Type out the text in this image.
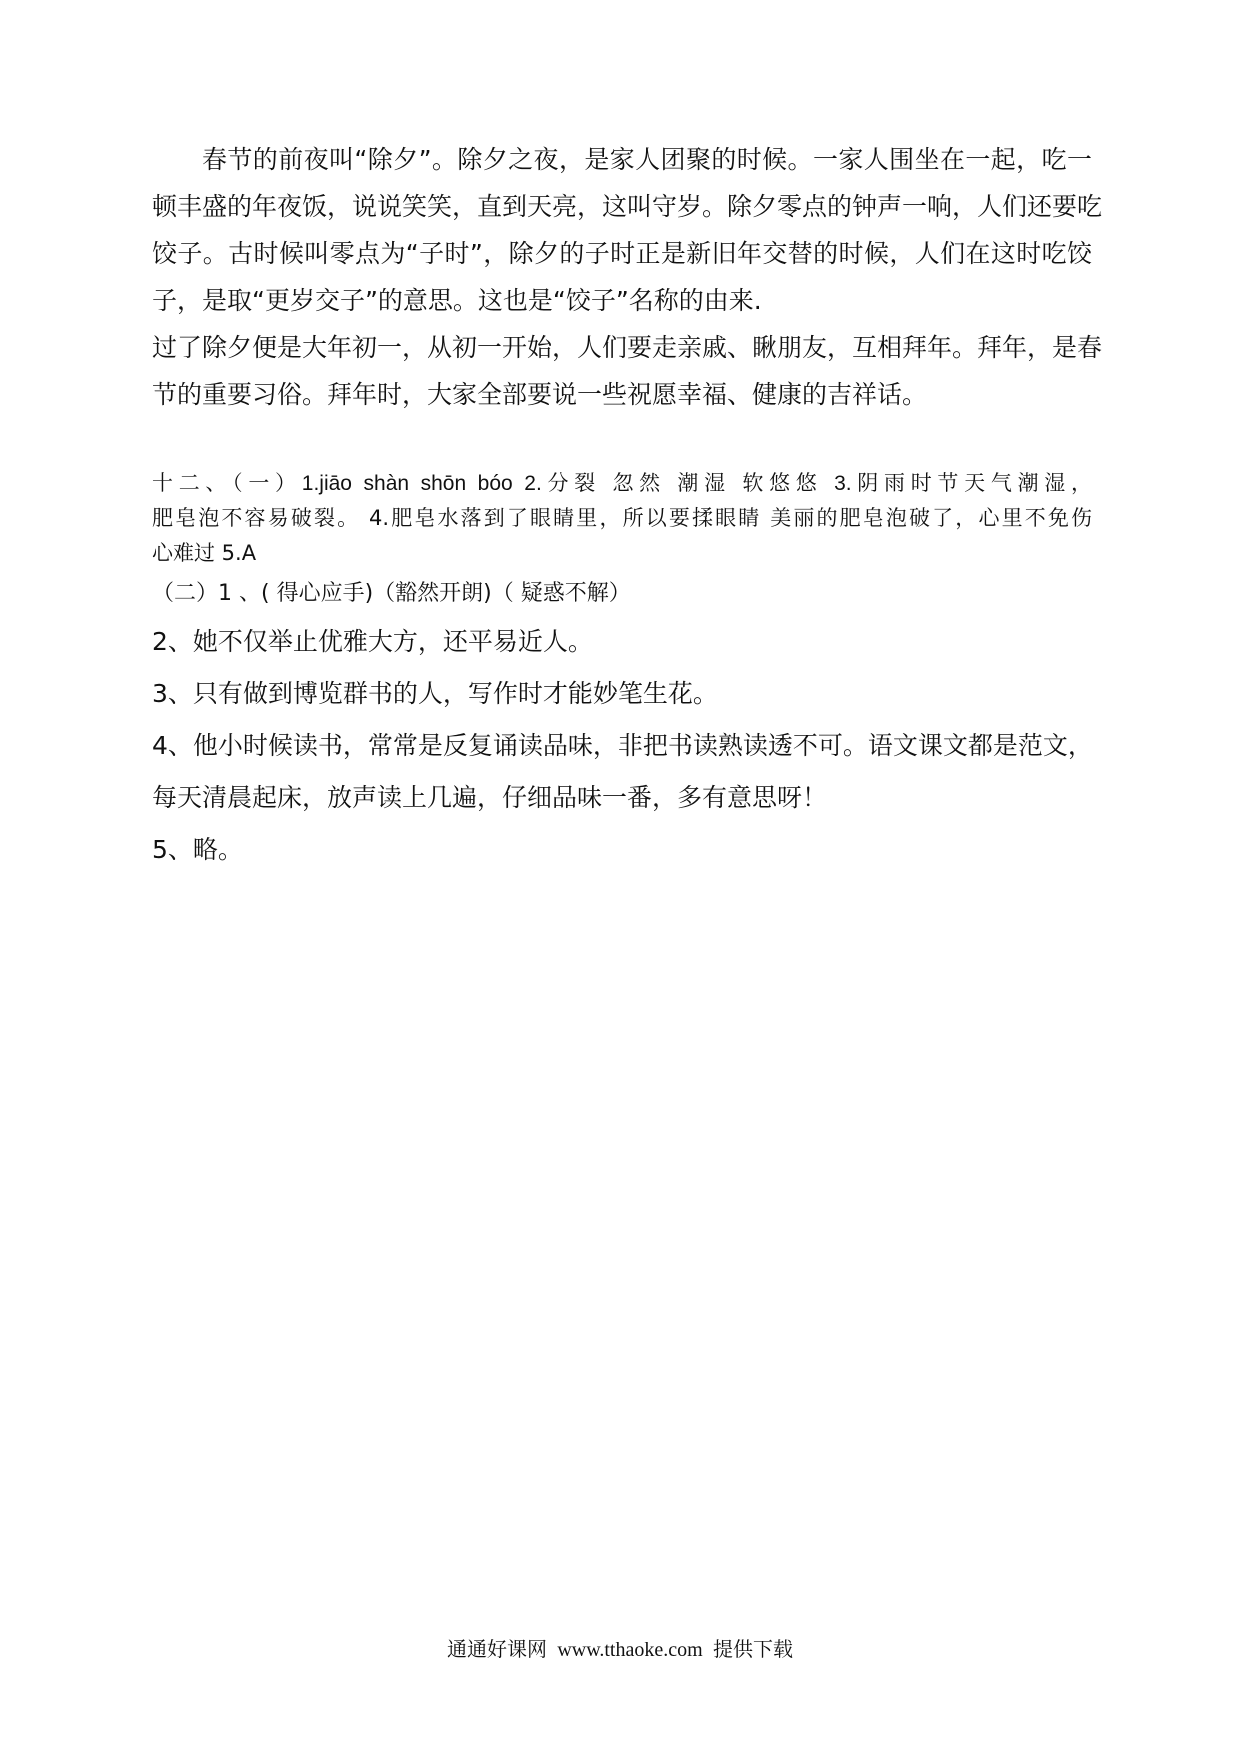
春节的前夜叫“除夕”。除夕之夜，是家人团聚的时候。一家人围坐在一起，吃一
顿丰盛的年夜饭，说说笑笑，直到天亮，这叫守岁。除夕零点的钟声一响，人们还要吃
饺子。古时候叫零点为“子时”，除夕的子时正是新旧年交替的时候，人们在这时吃饺
子，是取“更岁交子”的意思。这也是“饺子”名称的由来.
过了除夕便是大年初一，从初一开始，人们要走亲戚、瞅朋友，互相拜年。拜年，是春
节的重要习俗。拜年时，大家全部要说一些祝愿幸福、健康的吉祥话。
十二、（一）1.jiāo shàn shōn bóo 2.分裂 忽然 潮湿 软悠悠 3.阴雨时节天气潮湿，
肥皂泡不容易破裂。 4.肥皂水落到了眼睛里，所以要揉眼睛 美丽的肥皂泡破了，心里不免伤
心难过 5.A
（二）1 、( 得心应手)（豁然开朗)（ 疑惑不解）
2、她不仅举止优雅大方，还平易近人。
3、只有做到博览群书的人，写作时才能妙笔生花。
4、他小时候读书，常常是反复诵读品味，非把书读熟读透不可。语文课文都是范文，
每天清晨起床，放声读上几遍，仔细品味一番，多有意思呀！
5、略。
通通好课网 www.tthaoke.com 提供下载
